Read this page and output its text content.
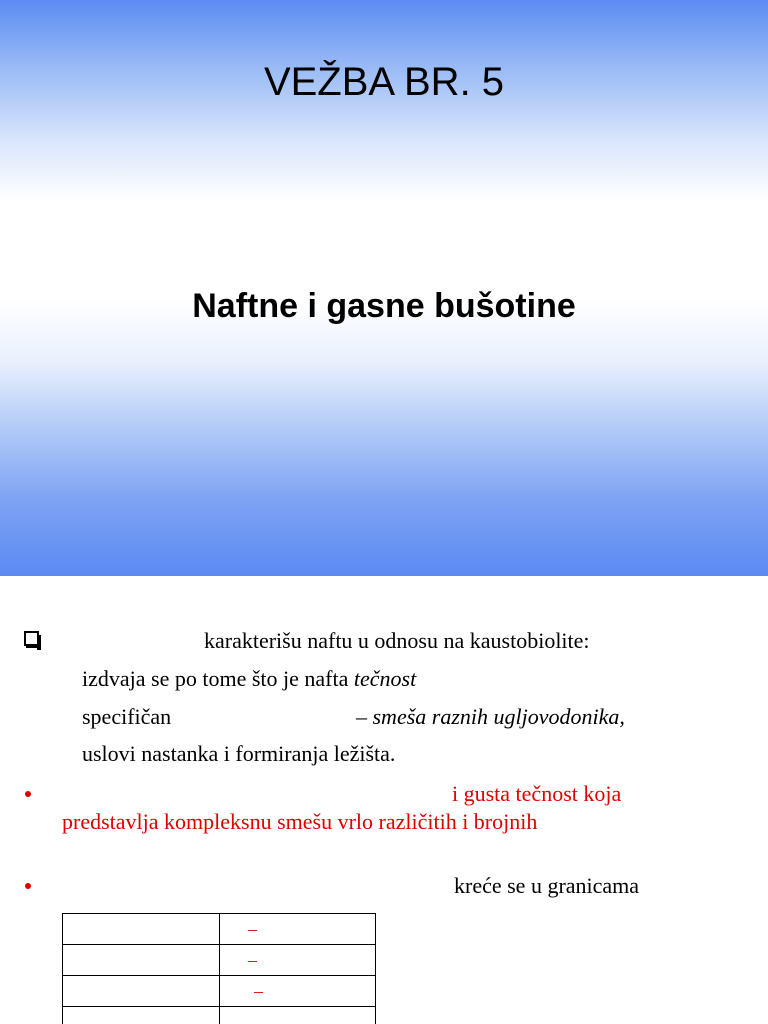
VEŽBA BR. 5
Naftne i gasne bušotine
karakterišu naftu u odnosu na kaustobiolite:
izdvaja se po tome što je nafta tečnost
specifičan	– smeša raznih ugljovodonika,
uslovi nastanka i formiranja ležišta.
i gusta tečnost koja
predstavlja kompleksnu smešu vrlo različitih i brojnih
kreće se u granicama
	–
	–
	–
